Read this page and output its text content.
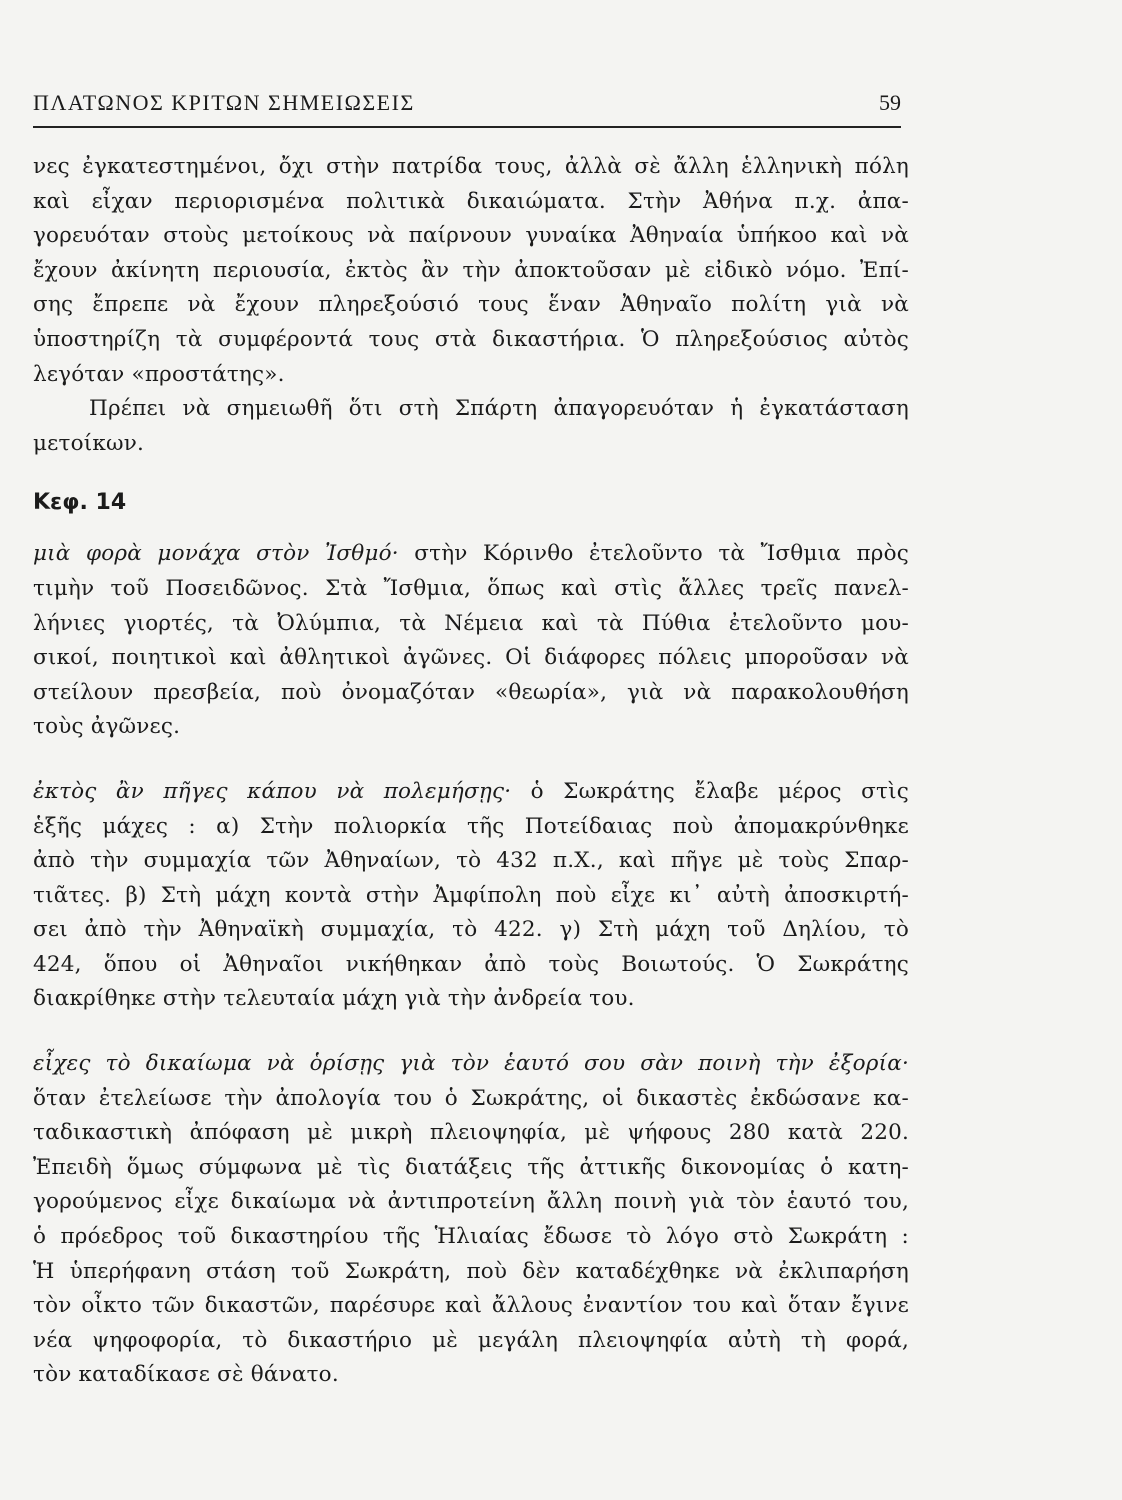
ΠΛΑΤΩΝΟΣ ΚΡΙΤΩΝ ΣΗΜΕΙΩΣΕΙΣ	59
νες ἐγκατεστημένοι, ὄχι στὴν πατρίδα τους, ἀλλὰ σὲ ἄλλη ἑλληνικὴ πόλη
καὶ εἶχαν περιορισμένα πολιτικὰ δικαιώματα. Στὴν Ἀθήνα π.χ. ἀπα-
γορευόταν στοὺς μετοίκους νὰ παίρνουν γυναίκα Ἀθηναία ὑπήκοο καὶ νὰ
ἔχουν ἀκίνητη περιουσία, ἐκτὸς ἂν τὴν ἀποκτοῦσαν μὲ εἰδικὸ νόμο. Ἐπί-
σης ἔπρεπε νὰ ἔχουν πληρεξούσιό τους ἕναν Ἀθηναῖο πολίτη γιὰ νὰ
ὑποστηρίζη τὰ συμφέροντά τους στὰ δικαστήρια. Ὁ πληρεξούσιος αὐτὸς
λεγόταν «προστάτης».
Πρέπει νὰ σημειωθῆ ὅτι στὴ Σπάρτη ἀπαγορευόταν ἡ ἐγκατάσταση
μετοίκων.
Κεφ. 14
μιὰ φορὰ μονάχα στὸν Ἰσθμό· στὴν Κόρινθο ἐτελοῦντο τὰ Ἴσθμια πρὸς
τιμὴν τοῦ Ποσειδῶνος. Στὰ Ἴσθμια, ὅπως καὶ στὶς ἄλλες τρεῖς πανελ-
λήνιες γιορτές, τὰ Ὀλύμπια, τὰ Νέμεια καὶ τὰ Πύθια ἐτελοῦντο μου-
σικοί, ποιητικοὶ καὶ ἀθλητικοὶ ἀγῶνες. Οἱ διάφορες πόλεις μποροῦσαν νὰ
στείλουν πρεσβεία, ποὺ ὀνομαζόταν «θεωρία», γιὰ νὰ παρακολουθήση
τοὺς ἀγῶνες.
ἐκτὸς ἂν πῆγες κάπου νὰ πολεμήσῃς· ὁ Σωκράτης ἔλαβε μέρος στὶς
ἑξῆς μάχες : α) Στὴν πολιορκία τῆς Ποτείδαιας ποὺ ἀπομακρύνθηκε
ἀπὸ τὴν συμμαχία τῶν Ἀθηναίων, τὸ 432 π.Χ., καὶ πῆγε μὲ τοὺς Σπαρ-
τιᾶτες. β) Στὴ μάχη κοντὰ στὴν Ἀμφίπολη ποὺ εἶχε κι᾿ αὐτὴ ἀποσκιρτή-
σει ἀπὸ τὴν Ἀθηναϊκὴ συμμαχία, τὸ 422. γ) Στὴ μάχη τοῦ Δηλίου, τὸ
424, ὅπου οἱ Ἀθηναῖοι νικήθηκαν ἀπὸ τοὺς Βοιωτούς. Ὁ Σωκράτης
διακρίθηκε στὴν τελευταία μάχη γιὰ τὴν ἀνδρεία του.
εἶχες τὸ δικαίωμα νὰ ὁρίσῃς γιὰ τὸν ἑαυτό σου σὰν ποινὴ τὴν ἐξορία·
ὅταν ἐτελείωσε τὴν ἀπολογία του ὁ Σωκράτης, οἱ δικαστὲς ἐκδώσανε κα-
ταδικαστικὴ ἀπόφαση μὲ μικρὴ πλειοψηφία, μὲ ψήφους 280 κατὰ 220.
Ἐπειδὴ ὅμως σύμφωνα μὲ τὶς διατάξεις τῆς ἀττικῆς δικονομίας ὁ κατη-
γορούμενος εἶχε δικαίωμα νὰ ἀντιπροτείνη ἄλλη ποινὴ γιὰ τὸν ἑαυτό του,
ὁ πρόεδρος τοῦ δικαστηρίου τῆς Ἡλιαίας ἔδωσε τὸ λόγο στὸ Σωκράτη :
Ἡ ὑπερήφανη στάση τοῦ Σωκράτη, ποὺ δὲν καταδέχθηκε νὰ ἐκλιπαρήση
τὸν οἶκτο τῶν δικαστῶν, παρέσυρε καὶ ἄλλους ἐναντίον του καὶ ὅταν ἔγινε
νέα ψηφοφορία, τὸ δικαστήριο μὲ μεγάλη πλειοψηφία αὐτὴ τὴ φορά,
τὸν καταδίκασε σὲ θάνατο.
